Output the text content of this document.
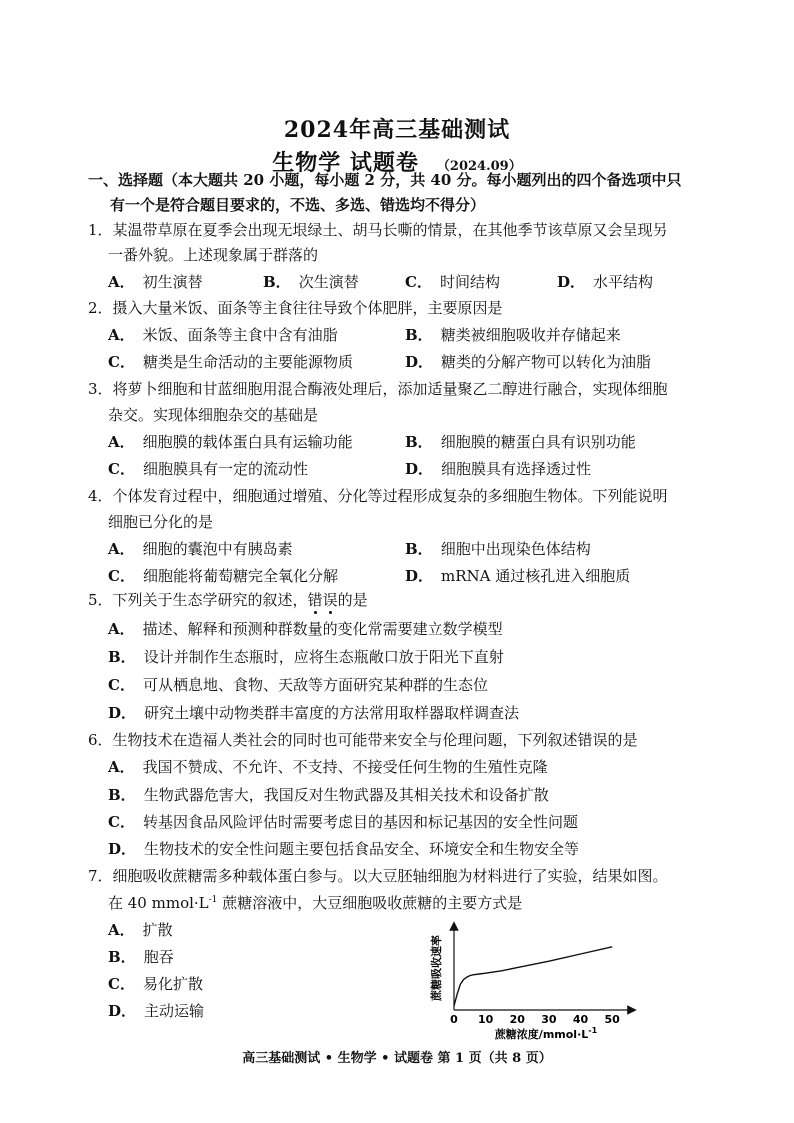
2024年高三基础测试
生物学 试题卷 （2024.09）
一、选择题（本大题共 20 小题，每小题 2 分，共 40 分。每小题列出的四个备选项中只
有一个是符合题目要求的，不选、多选、错选均不得分）
1．某温带草原在夏季会出现无垠绿土、胡马长嘶的情景，在其他季节该草原又会呈现另
一番外貌。上述现象属于群落的
A． 初生演替	B． 次生演替	C． 时间结构	D． 水平结构
2．摄入大量米饭、面条等主食往往导致个体肥胖，主要原因是
A． 米饭、面条等主食中含有油脂	B． 糖类被细胞吸收并存储起来
C． 糖类是生命活动的主要能源物质	D． 糖类的分解产物可以转化为油脂
3．将萝卜细胞和甘蓝细胞用混合酶液处理后，添加适量聚乙二醇进行融合，实现体细胞
杂交。实现体细胞杂交的基础是
A． 细胞膜的载体蛋白具有运输功能	B． 细胞膜的糖蛋白具有识别功能
C． 细胞膜具有一定的流动性	D． 细胞膜具有选择透过性
4．个体发育过程中，细胞通过增殖、分化等过程形成复杂的多细胞生物体。下列能说明
细胞已分化的是
A． 细胞的囊泡中有胰岛素	B． 细胞中出现染色体结构
C． 细胞能将葡萄糖完全氧化分解	D． mRNA 通过核孔进入细胞质
5．下列关于生态学研究的叙述，错误的是
A． 描述、解释和预测种群数量的变化常需要建立数学模型
B． 设计并制作生态瓶时，应将生态瓶敞口放于阳光下直射
C． 可从栖息地、食物、天敌等方面研究某种群的生态位
D． 研究土壤中动物类群丰富度的方法常用取样器取样调查法
6．生物技术在造福人类社会的同时也可能带来安全与伦理问题，下列叙述错误的是
A． 我国不赞成、不允许、不支持、不接受任何生物的生殖性克隆
B． 生物武器危害大，我国反对生物武器及其相关技术和设备扩散
C． 转基因食品风险评估时需要考虑目的基因和标记基因的安全性问题
D． 生物技术的安全性问题主要包括食品安全、环境安全和生物安全等
7．细胞吸收蔗糖需多种载体蛋白参与。以大豆胚轴细胞为材料进行了实验，结果如图。
在 40 $mmol\cdot L^{-1}$ 蔗糖溶液中，大豆细胞吸收蔗糖的主要方式是
A． 扩散
B． 胞吞
C． 易化扩散
D． 主动运输
蔗糖吸收速率
0 10 20 30 40 50
蔗糖浓度$/mmol\cdot L^{-1}$
高三基础测试 • 生物学 • 试题卷 第 1 页（共 8 页）
